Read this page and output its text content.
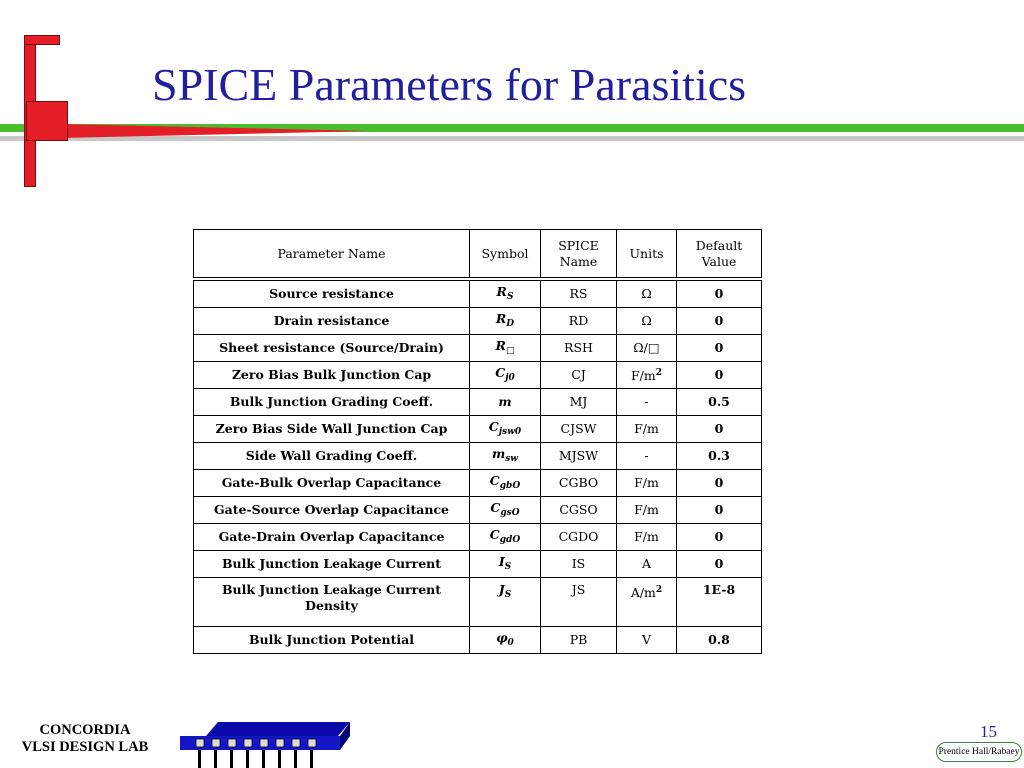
SPICE Parameters for Parasitics
Parameter Name	Symbol	SPICE Name	Units	Default Value
Source resistance	$R_S$	RS	Ω	0
Drain resistance	$R_D$	RD	Ω	0
Sheet resistance (Source/Drain)	$R_□$	RSH	Ω/□	0
Zero Bias Bulk Junction Cap	$C_{j0}$	CJ	$F/m^2$	0
Bulk Junction Grading Coeff.	m	MJ	-	0.5
Zero Bias Side Wall Junction Cap	$C_{jsw0}$	CJSW	F/m	0
Side Wall Grading Coeff.	$m_{sw}$	MJSW	-	0.3
Gate-Bulk Overlap Capacitance	$C_{gbO}$	CGBO	F/m	0
Gate-Source Overlap Capacitance	$C_{gsO}$	CGSO	F/m	0
Gate-Drain Overlap Capacitance	$C_{gdO}$	CGDO	F/m	0
Bulk Junction Leakage Current	$I_S$	IS	A	0
Bulk Junction Leakage Current Density	$J_S$	JS	$A/m^2$	1E-8
Bulk Junction Potential	$\varphi_0$	PB	V	0.8
CONCORDIA
VLSI DESIGN LAB
15
Prentice Hall/Rabaey
